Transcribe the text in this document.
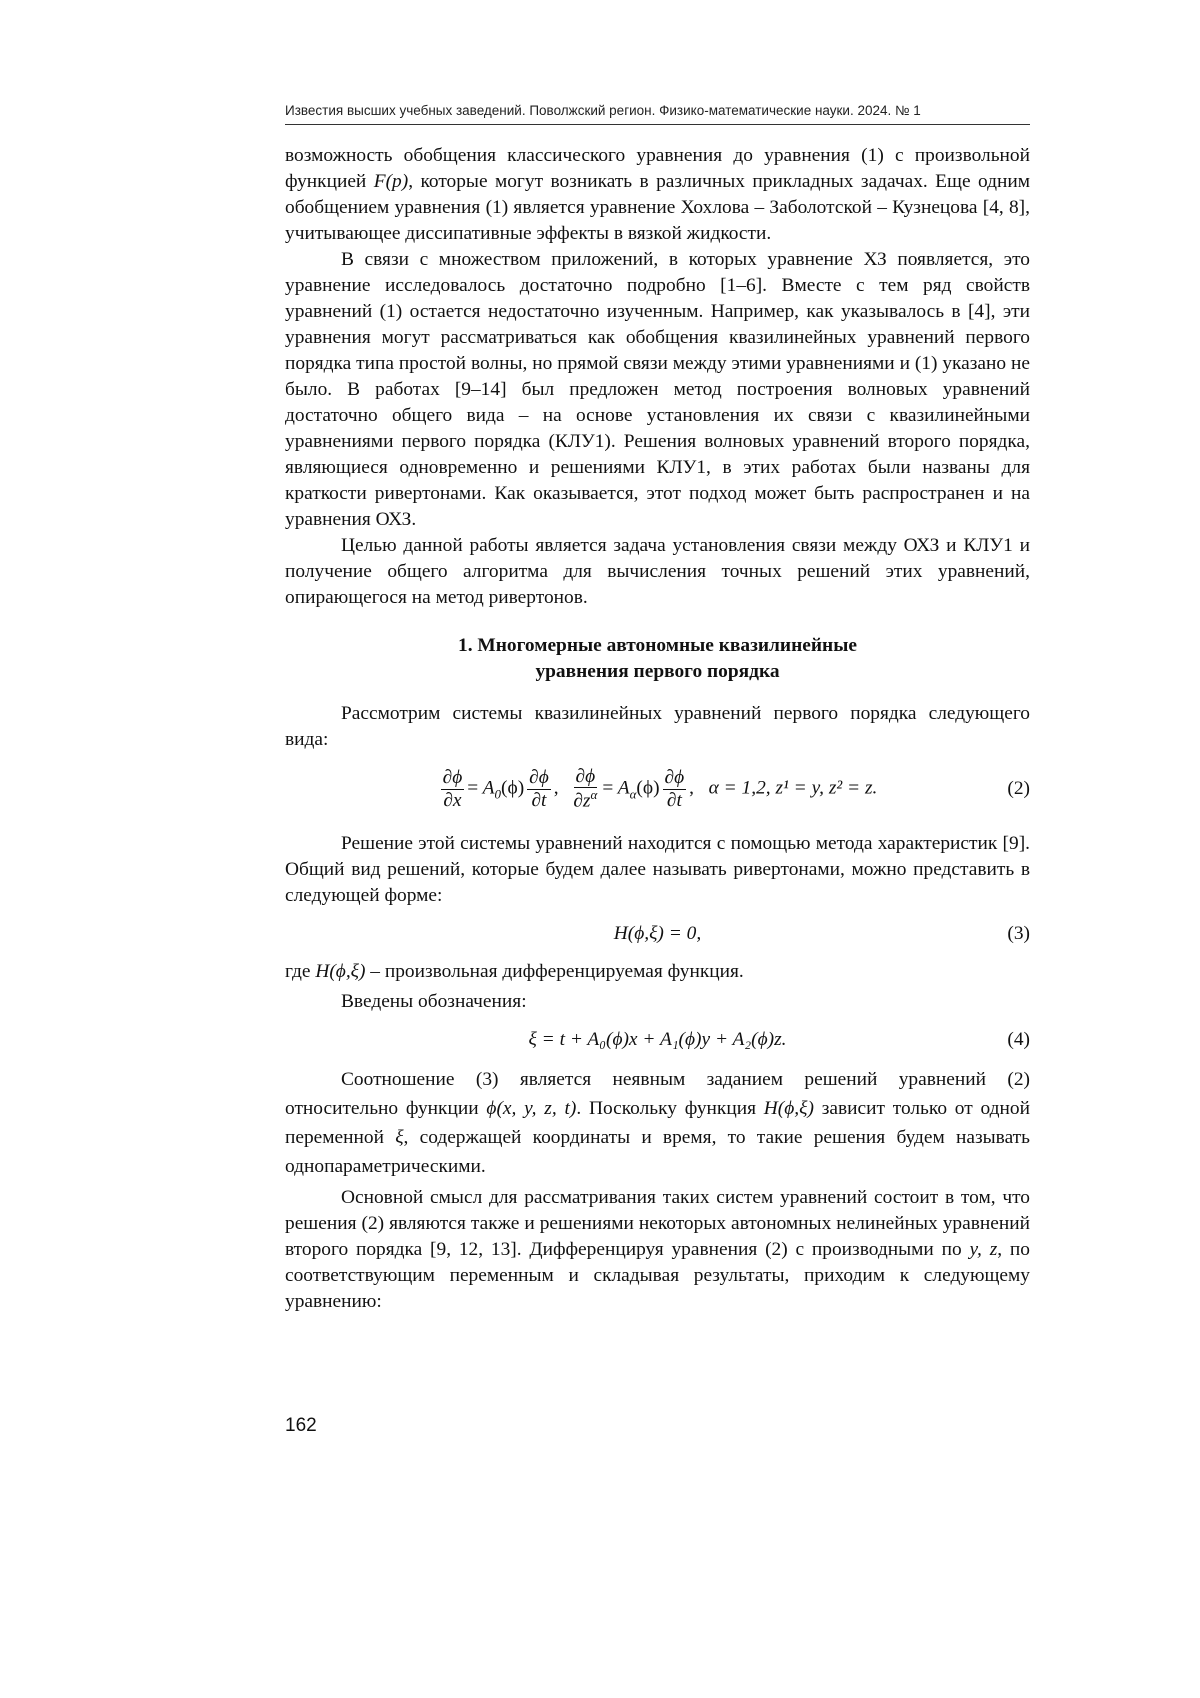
Известия высших учебных заведений. Поволжский регион. Физико-математические науки. 2024. № 1

возможность обобщения классического уравнения до уравнения (1) с произвольной функцией F(p), которые могут возникать в различных прикладных задачах. Еще одним обобщением уравнения (1) является уравнение Хохлова – Заболотской – Кузнецова [4, 8], учитывающее диссипативные эффекты в вязкой жидкости.

В связи с множеством приложений, в которых уравнение ХЗ появляется, это уравнение исследовалось достаточно подробно [1–6]. Вместе с тем ряд свойств уравнений (1) остается недостаточно изученным. Например, как указывалось в [4], эти уравнения могут рассматриваться как обобщения квазилинейных уравнений первого порядка типа простой волны, но прямой связи между этими уравнениями и (1) указано не было. В работах [9–14] был предложен метод построения волновых уравнений достаточно общего вида – на основе установления их связи с квазилинейными уравнениями первого порядка (КЛУ1). Решения волновых уравнений второго порядка, являющиеся одновременно и решениями КЛУ1, в этих работах были названы для краткости ривертонами. Как оказывается, этот подход может быть распространен и на уравнения ОХЗ.

Целью данной работы является задача установления связи между ОХЗ и КЛУ1 и получение общего алгоритма для вычисления точных решений этих уравнений, опирающегося на метод ривертонов.

1. Многомерные автономные квазилинейные
уравнения первого порядка

Рассмотрим системы квазилинейных уравнений первого порядка следующего вида:

$\frac{\partial\phi}{\partial x} = A_0(\phi) \frac{\partial\phi}{\partial t}$ , $\frac{\partial\phi}{\partial z^\alpha} = A_\alpha(\phi) \frac{\partial\phi}{\partial t}$ , α = 1,2, z¹ = y, z² = z.	(2)

Решение этой системы уравнений находится с помощью метода характеристик [9]. Общий вид решений, которые будем далее называть ривертонами, можно представить в следующей форме:

H(ϕ,ξ) = 0,	(3)

где H(ϕ,ξ) – произвольная дифференцируемая функция.

Введены обозначения:

ξ = t + A₀(ϕ)x + A₁(ϕ)y + A₂(ϕ)z.	(4)

Соотношение (3) является неявным заданием решений уравнений (2) относительно функции ϕ(x, y, z, t). Поскольку функция H(ϕ,ξ) зависит только от одной переменной ξ, содержащей координаты и время, то такие решения будем называть однопараметрическими.

Основной смысл для рассматривания таких систем уравнений состоит в том, что решения (2) являются также и решениями некоторых автономных нелинейных уравнений второго порядка [9, 12, 13]. Дифференцируя уравнения (2) с производными по y, z, по соответствующим переменным и складывая результаты, приходим к следующему уравнению:

162
